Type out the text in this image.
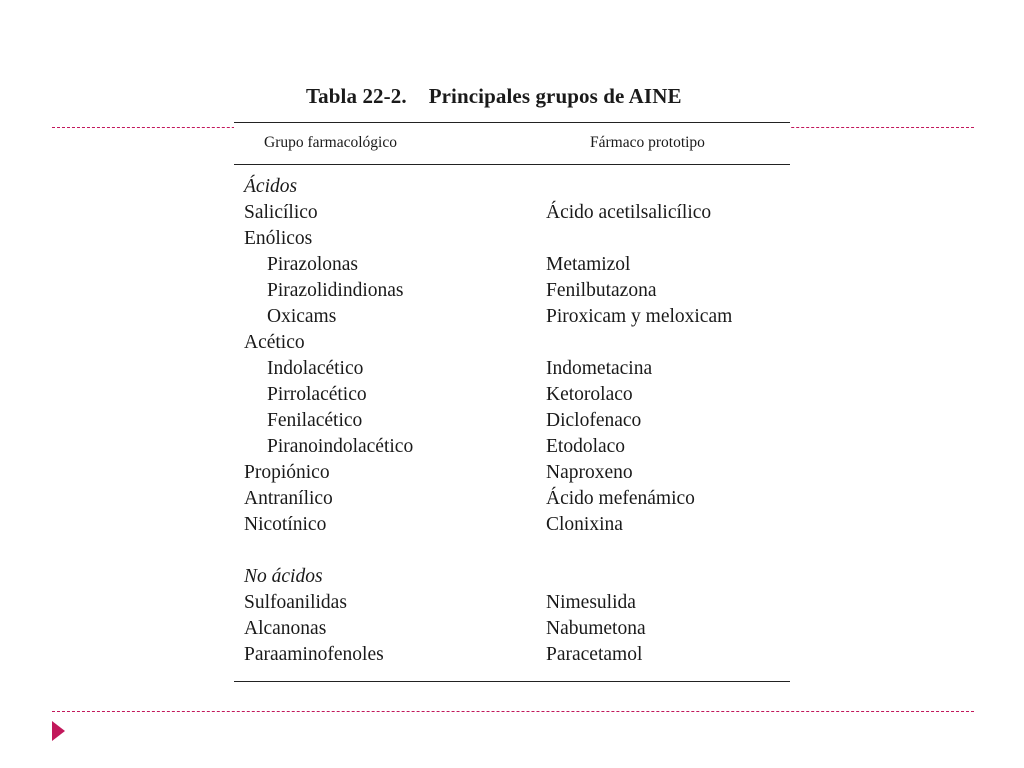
Tabla 22-2. Principales grupos de AINE
Grupo farmacológico	Fármaco prototipo
Ácidos
Salicílico	Ácido acetilsalicílico
Enólicos
Pirazolonas	Metamizol
Pirazolidindionas	Fenilbutazona
Oxicams	Piroxicam y meloxicam
Acético
Indolacético	Indometacina
Pirrolacético	Ketorolaco
Fenilacético	Diclofenaco
Piranoindolacético	Etodolaco
Propiónico	Naproxeno
Antranílico	Ácido mefenámico
Nicotínico	Clonixina
No ácidos
Sulfoanilidas	Nimesulida
Alcanonas	Nabumetona
Paraaminofenoles	Paracetamol
